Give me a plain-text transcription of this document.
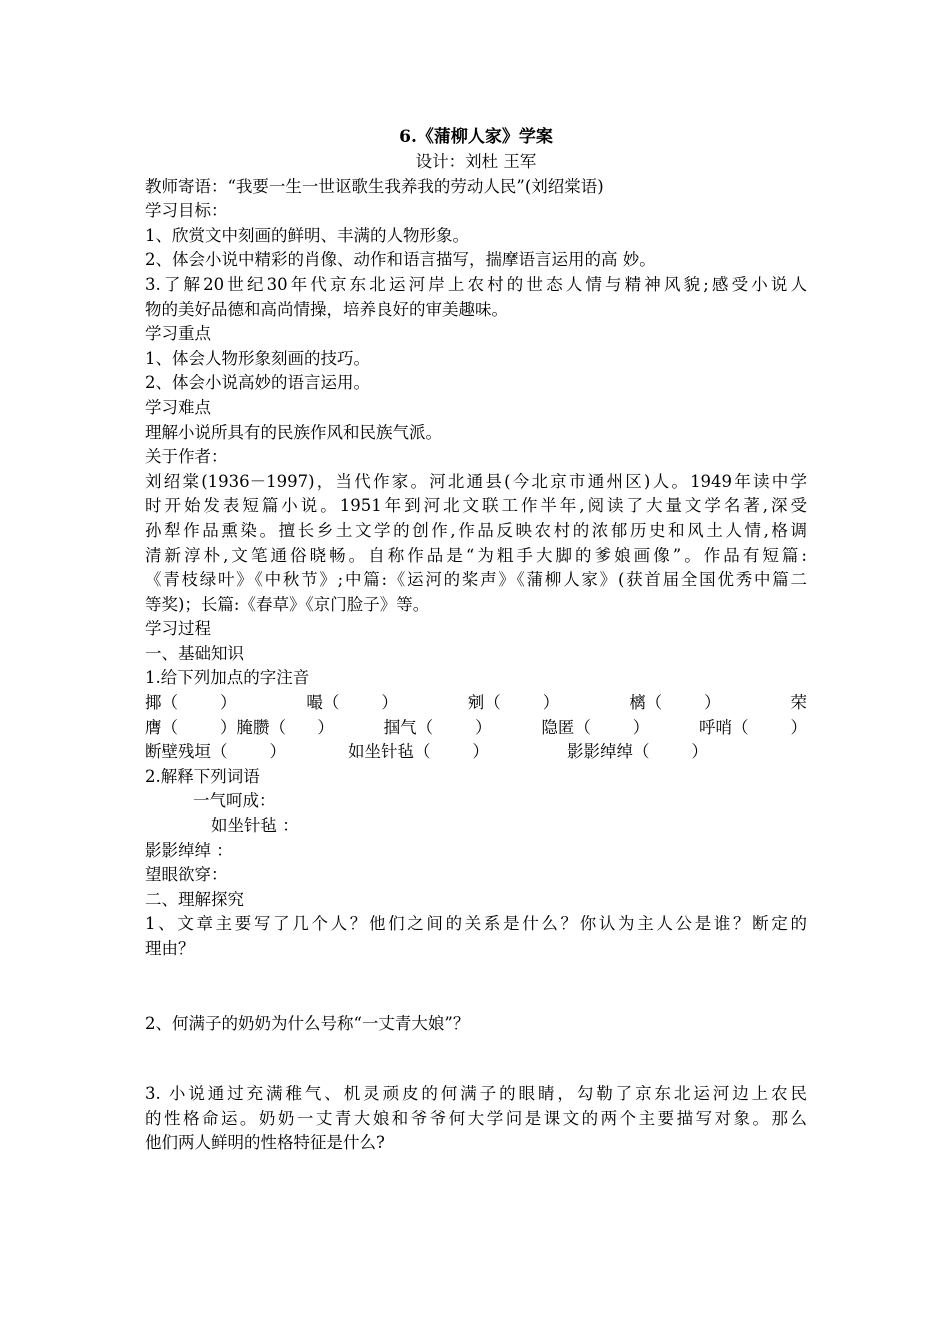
6.《蒲柳人家》学案
设计：刘杜 王军
教师寄语：“我要一生一世讴歌生我养我的劳动人民”(刘绍棠语)
学习目标：
1、欣赏文中刻画的鲜明、丰满的人物形象。
2、体会小说中精彩的肖像、动作和语言描写，揣摩语言运用的高 妙。
3.了解20世纪30年代京东北运河岸上农村的世态人情与精神风貌;感受小说人
物的美好品德和高尚情操，培养良好的审美趣味。
学习重点
1、体会人物形象刻画的技巧。
2、体会小说高妙的语言运用。
学习难点
理解小说所具有的民族作风和民族气派。
关于作者：
刘绍棠(1936－1997)，当代作家。河北通县(今北京市通州区)人。1949年读中学
时开始发表短篇小说。1951年到河北文联工作半年,阅读了大量文学名著,深受
孙犁作品熏染。擅长乡土文学的创作,作品反映农村的浓郁历史和风土人情,格调
清新淳朴,文笔通俗晓畅。自称作品是“为粗手大脚的爹娘画像”。作品有短篇:
《青枝绿叶》《中秋节》;中篇:《运河的桨声》《蒲柳人家》(获首届全国优秀中篇二
等奖)；长篇:《春草》《京门脸子》等。
学习过程
一、基础知识
1.给下列加点的字注音
揶（        ）	嘬（        ）	剜（        ）	樆（        ）	荣
膺（        ）腌臜（      ）	掴气（        ）	隐匿（        ）	呼哨（        ）
断壁残垣（        ）	如坐针毡（        ）	影影绰绰（        ）
2.解释下列词语
一气呵成：
如坐针毡 ：
影影绰绰 ：
望眼欲穿：
二、理解探究
1、文章主要写了几个人？他们之间的关系是什么？你认为主人公是谁？断定的
理由？
2、何满子的奶奶为什么号称“一丈青大娘”？
3. 小说通过充满稚气、机灵顽皮的何满子的眼睛，勾勒了京东北运河边上农民
的性格命运。奶奶一丈青大娘和爷爷何大学问是课文的两个主要描写对象。那么
他们两人鲜明的性格特征是什么?
